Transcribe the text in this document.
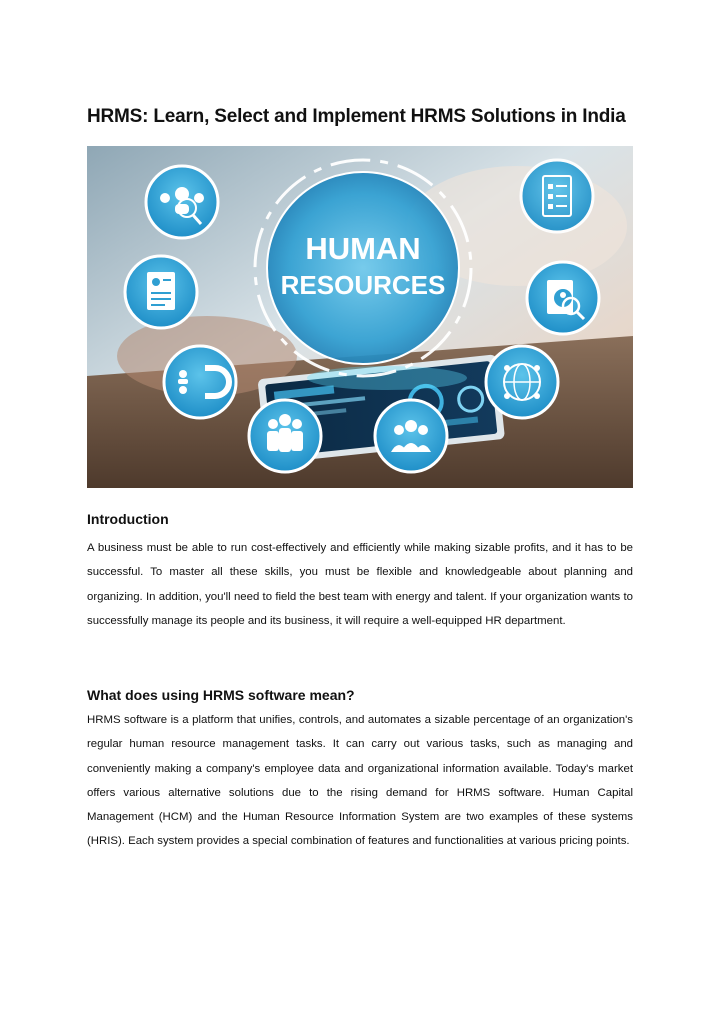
HRMS: Learn, Select and Implement HRMS Solutions in India
HUMAN
RESOURCES
Introduction

A business must be able to run cost-effectively and efficiently while making sizable profits, and it has to be successful. To master all these skills, you must be flexible and knowledgeable about planning and organizing. In addition, you'll need to field the best team with energy and talent. If your organization wants to successfully manage its people and its business, it will require a well-equipped HR department.

What does using HRMS software mean?

HRMS software is a platform that unifies, controls, and automates a sizable percentage of an organization's regular human resource management tasks. It can carry out various tasks, such as managing and conveniently making a company's employee data and organizational information available. Today's market offers various alternative solutions due to the rising demand for HRMS software. Human Capital Management (HCM) and the Human Resource Information System are two examples of these systems (HRIS). Each system provides a special combination of features and functionalities at various pricing points.
